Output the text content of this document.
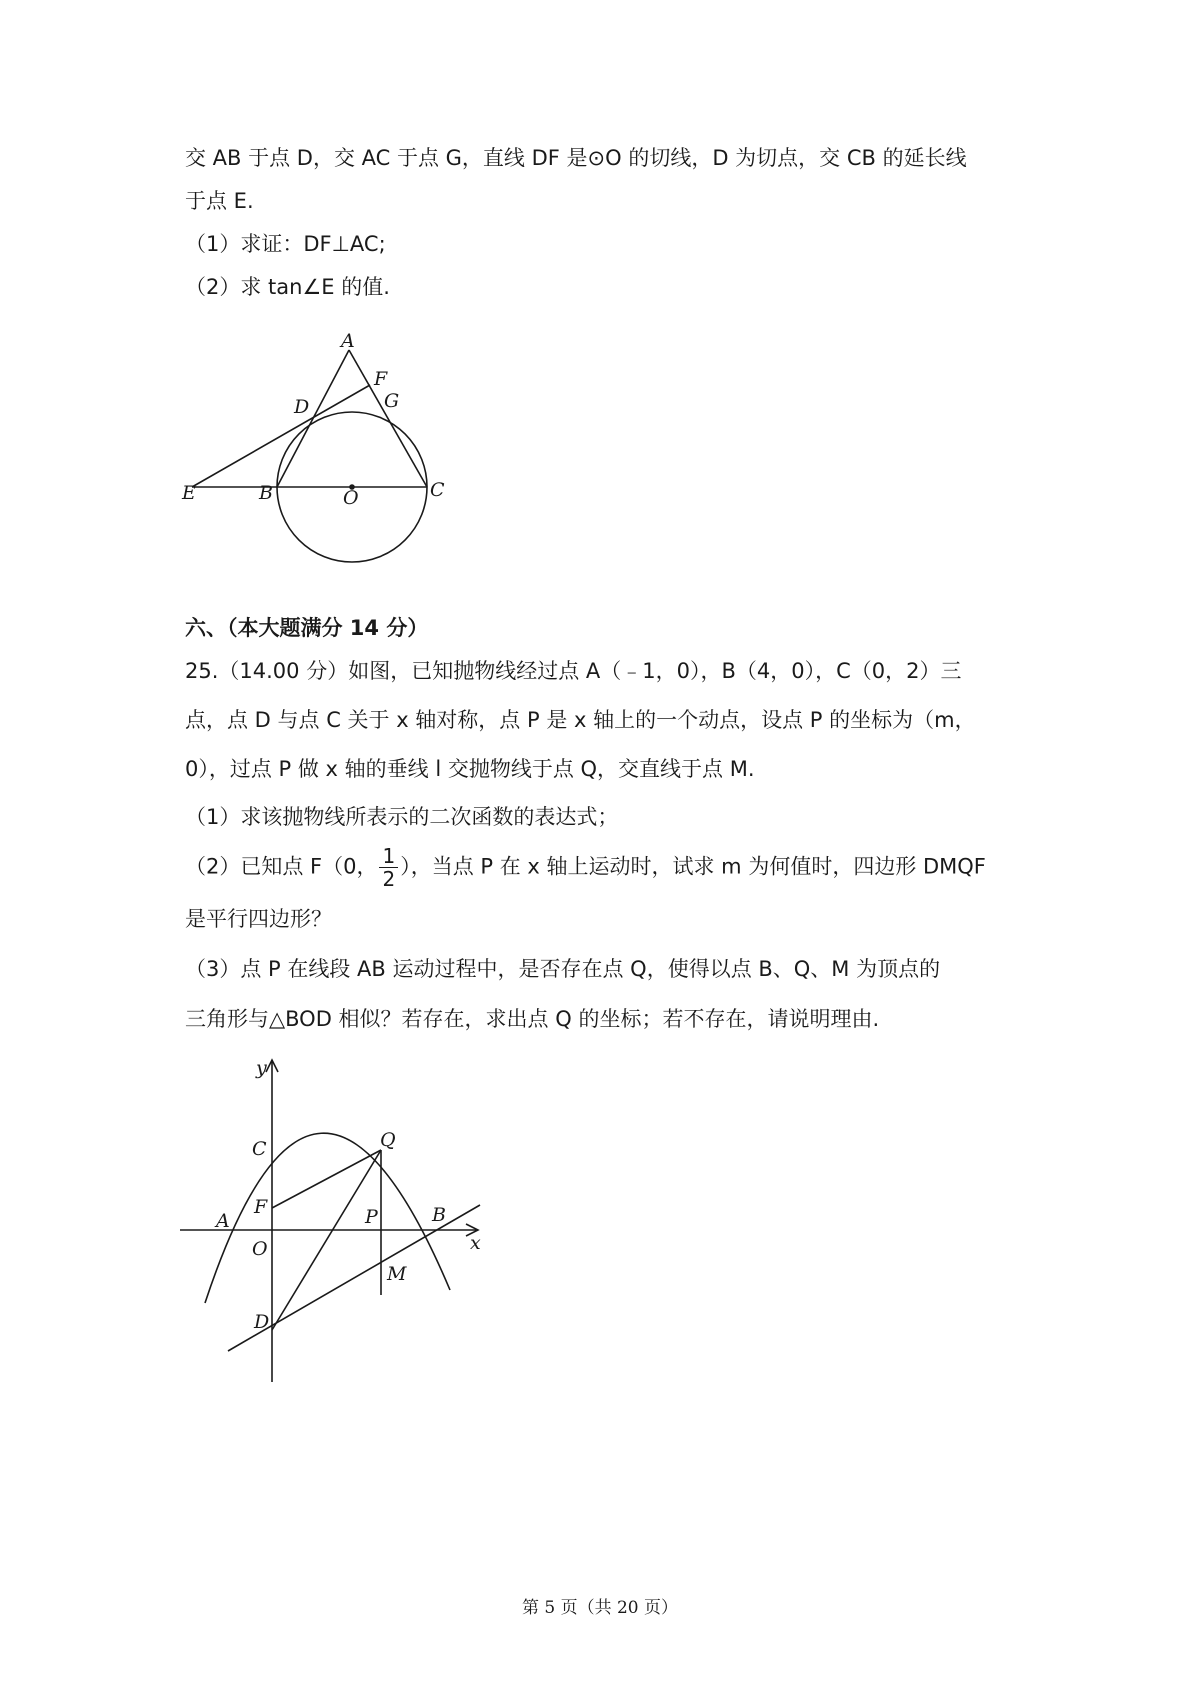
交 AB 于点 D，交 AC 于点 G，直线 DF 是⊙O 的切线，D 为切点，交 CB 的延长线
于点 E.
（1）求证：DF⊥AC;
（2）求 tan∠E 的值.
A
F
G
D
E	B	O	C
六、（本大题满分 14 分）
25.（14.00 分）如图，已知抛物线经过点 A（﹣1，0），B（4，0），C（0，2）三
点，点 D 与点 C 关于 x 轴对称，点 P 是 x 轴上的一个动点，设点 P 的坐标为（m，
0），过点 P 做 x 轴的垂线 l 交抛物线于点 Q，交直线于点 M.
（1）求该抛物线所表示的二次函数的表达式；
（2）已知点 F（0， $\frac{1}{2}$ ），当点 P 在 x 轴上运动时，试求 m 为何值时，四边形 DMQF
是平行四边形？
（3）点 P 在线段 AB 运动过程中，是否存在点 Q，使得以点 B、Q、M 为顶点的
三角形与△BOD 相似？若存在，求出点 Q 的坐标；若不存在，请说明理由.
y
x
C	Q
F
A
O
P	B
M
D
第 5 页（共 20 页）
